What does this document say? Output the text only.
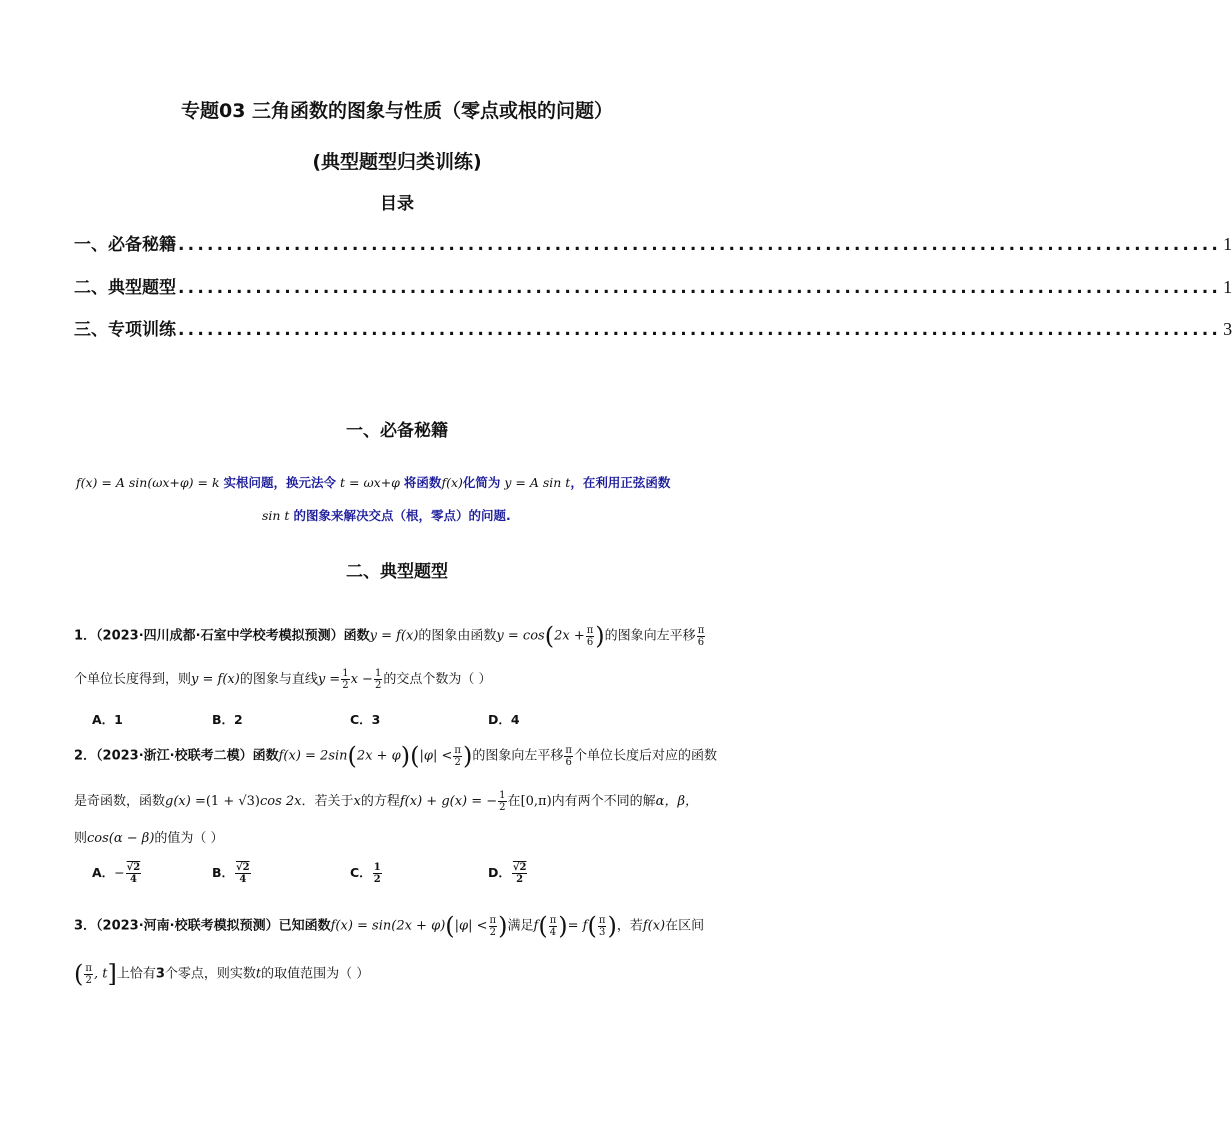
专题03 三角函数的图象与性质（零点或根的问题）
(典型题型归类训练)
目录
一、必备秘籍 ............................................................................................................ 1
二、典型题型 ............................................................................................................ 1
三、专项训练 ............................................................................................................ 3
一、必备秘籍
f(x) = A sin(ωx+φ) = k 实根问题，换元法令 t = ωx+φ 将函数f(x)化简为 y = A sin t，在利用正弦函数
sin t 的图象来解决交点（根，零点）的问题.
二、典型题型
1．（2023·四川成都·石室中学校考模拟预测）函数y = f(x)的图象由函数$y = \cos(2x + \frac{\pi}{6}$ )的图象向左平移 $\frac{\pi}{6}$
个单位长度得到，则y = f(x)的图象与直线$y = \frac{1}{2}$ $x - \frac{1}{2}$ 的交点个数为（ ）
A．1	B．2	C．3	D．4
2．（2023·浙江·校联考二模）函数$f(x) = 2\sin(2x + \varphi)(|\varphi| < \frac{\pi}{2}$ )的图象向左平移 $\frac{\pi}{6}$ 个单位长度后对应的函数
是奇函数，函数g(x) =(1 + √3)cos 2x．若关于x的方程f(x) + g(x) = − $\frac{1}{2}$ 在[0,π)内有两个不同的解α，β，
则cos(α − β)的值为（ ）
A．− $\frac{√2}{4}$	B． $\frac{√2}{4}$	C． $\frac{1}{2}$	D． $\frac{√2}{2}$
3．（2023·河南·校联考模拟预测）已知函数$f(x) = \sin(2x + \varphi)(|\varphi| < \frac{\pi}{2}$ )满足$f( \frac{\pi}{4}$ )= $f( \frac{\pi}{3}$ )，若f(x)在区间
( $\frac{\pi}{2}$ , t]上恰有3个零点，则实数t的取值范围为（ ）
